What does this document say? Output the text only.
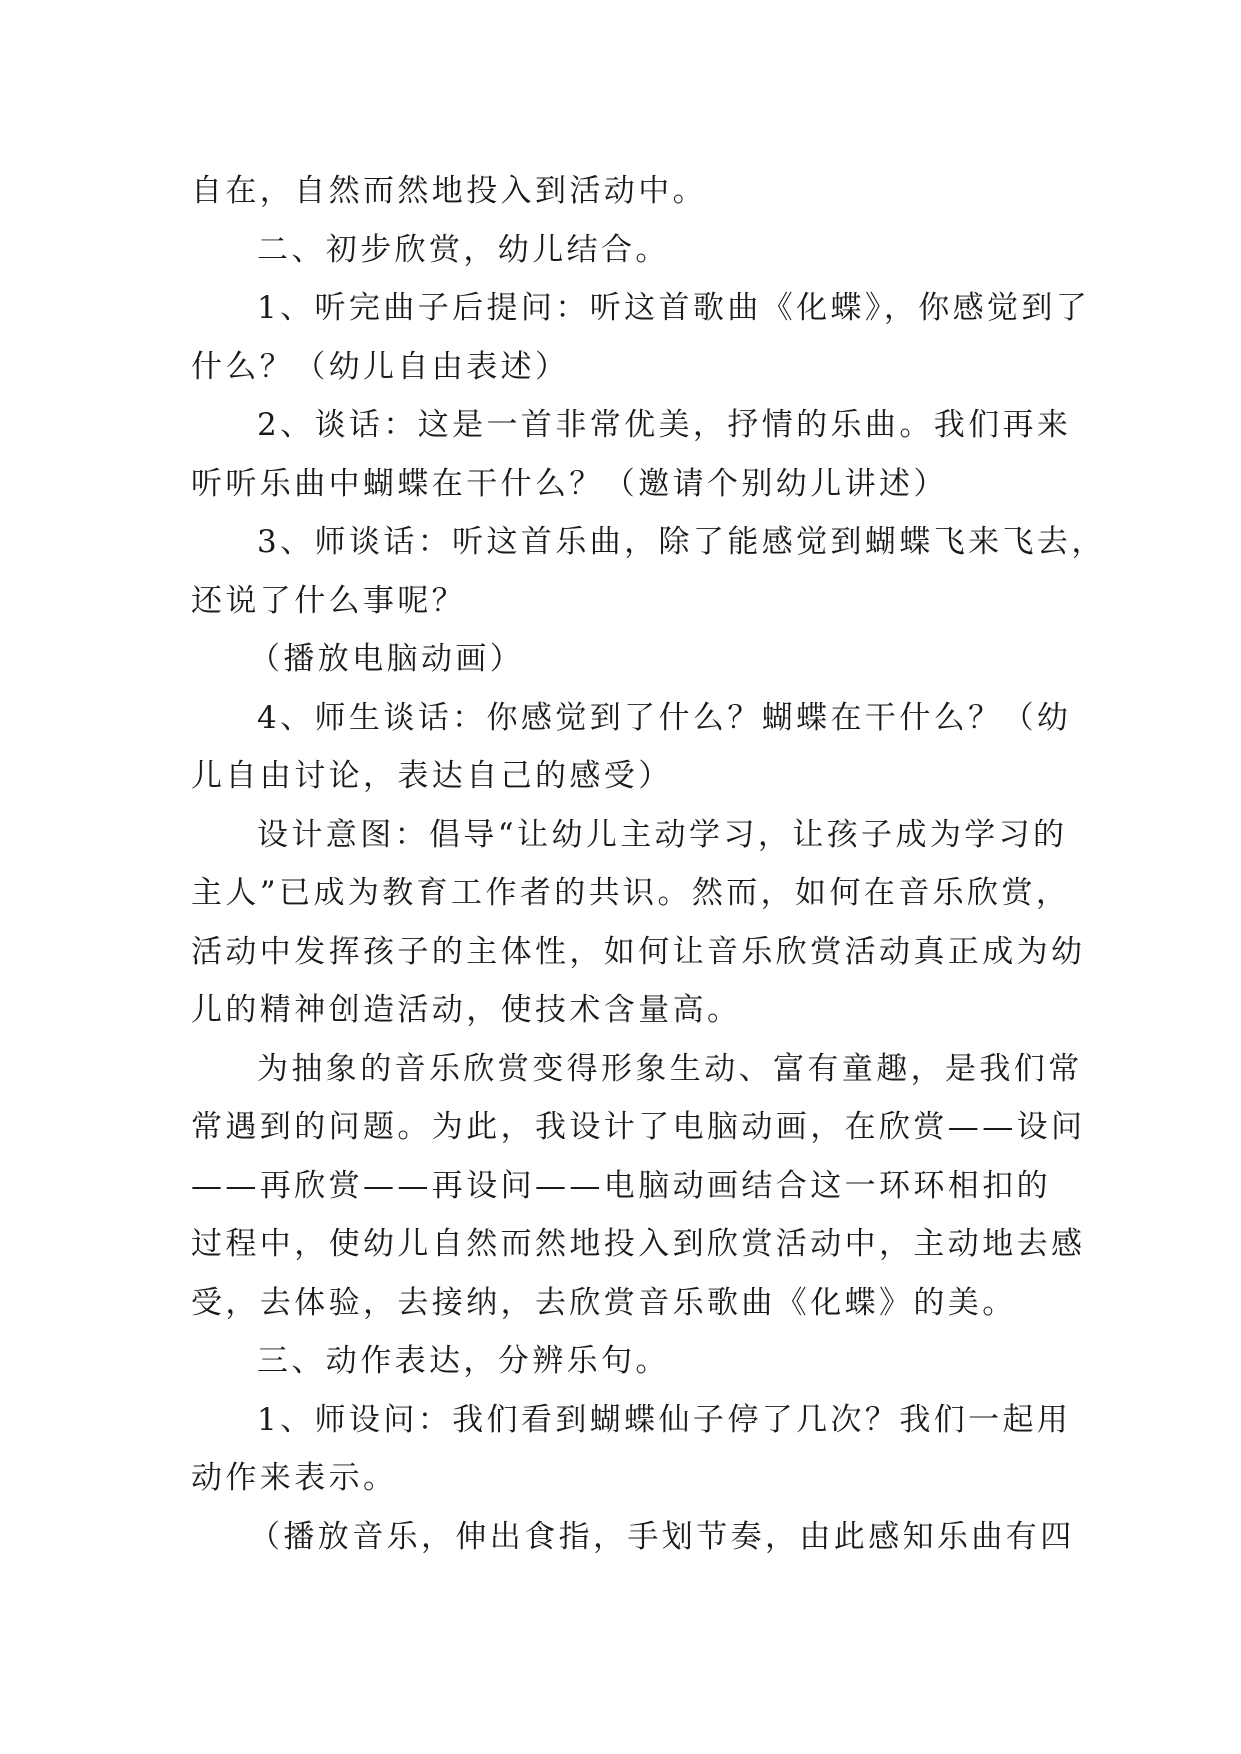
自在，自然而然地投入到活动中。
二、初步欣赏，幼儿结合。
1、听完曲子后提问：听这首歌曲《化蝶》，你感觉到了
什么？（幼儿自由表述）
2、谈话：这是一首非常优美，抒情的乐曲。我们再来
听听乐曲中蝴蝶在干什么？（邀请个别幼儿讲述）
3、师谈话：听这首乐曲，除了能感觉到蝴蝶飞来飞去，
还说了什么事呢？
（播放电脑动画）
4、师生谈话：你感觉到了什么？蝴蝶在干什么？（幼
儿自由讨论，表达自己的感受）
设计意图：倡导“让幼儿主动学习，让孩子成为学习的
主人”已成为教育工作者的共识。然而，如何在音乐欣赏，
活动中发挥孩子的主体性，如何让音乐欣赏活动真正成为幼
儿的精神创造活动，使技术含量高。
为抽象的音乐欣赏变得形象生动、富有童趣，是我们常
常遇到的问题。为此，我设计了电脑动画，在欣赏——设问
——再欣赏——再设问——电脑动画结合这一环环相扣的
过程中，使幼儿自然而然地投入到欣赏活动中，主动地去感
受，去体验，去接纳，去欣赏音乐歌曲《化蝶》的美。
三、动作表达，分辨乐句。
1、师设问：我们看到蝴蝶仙子停了几次？我们一起用
动作来表示。
（播放音乐，伸出食指，手划节奏，由此感知乐曲有四
